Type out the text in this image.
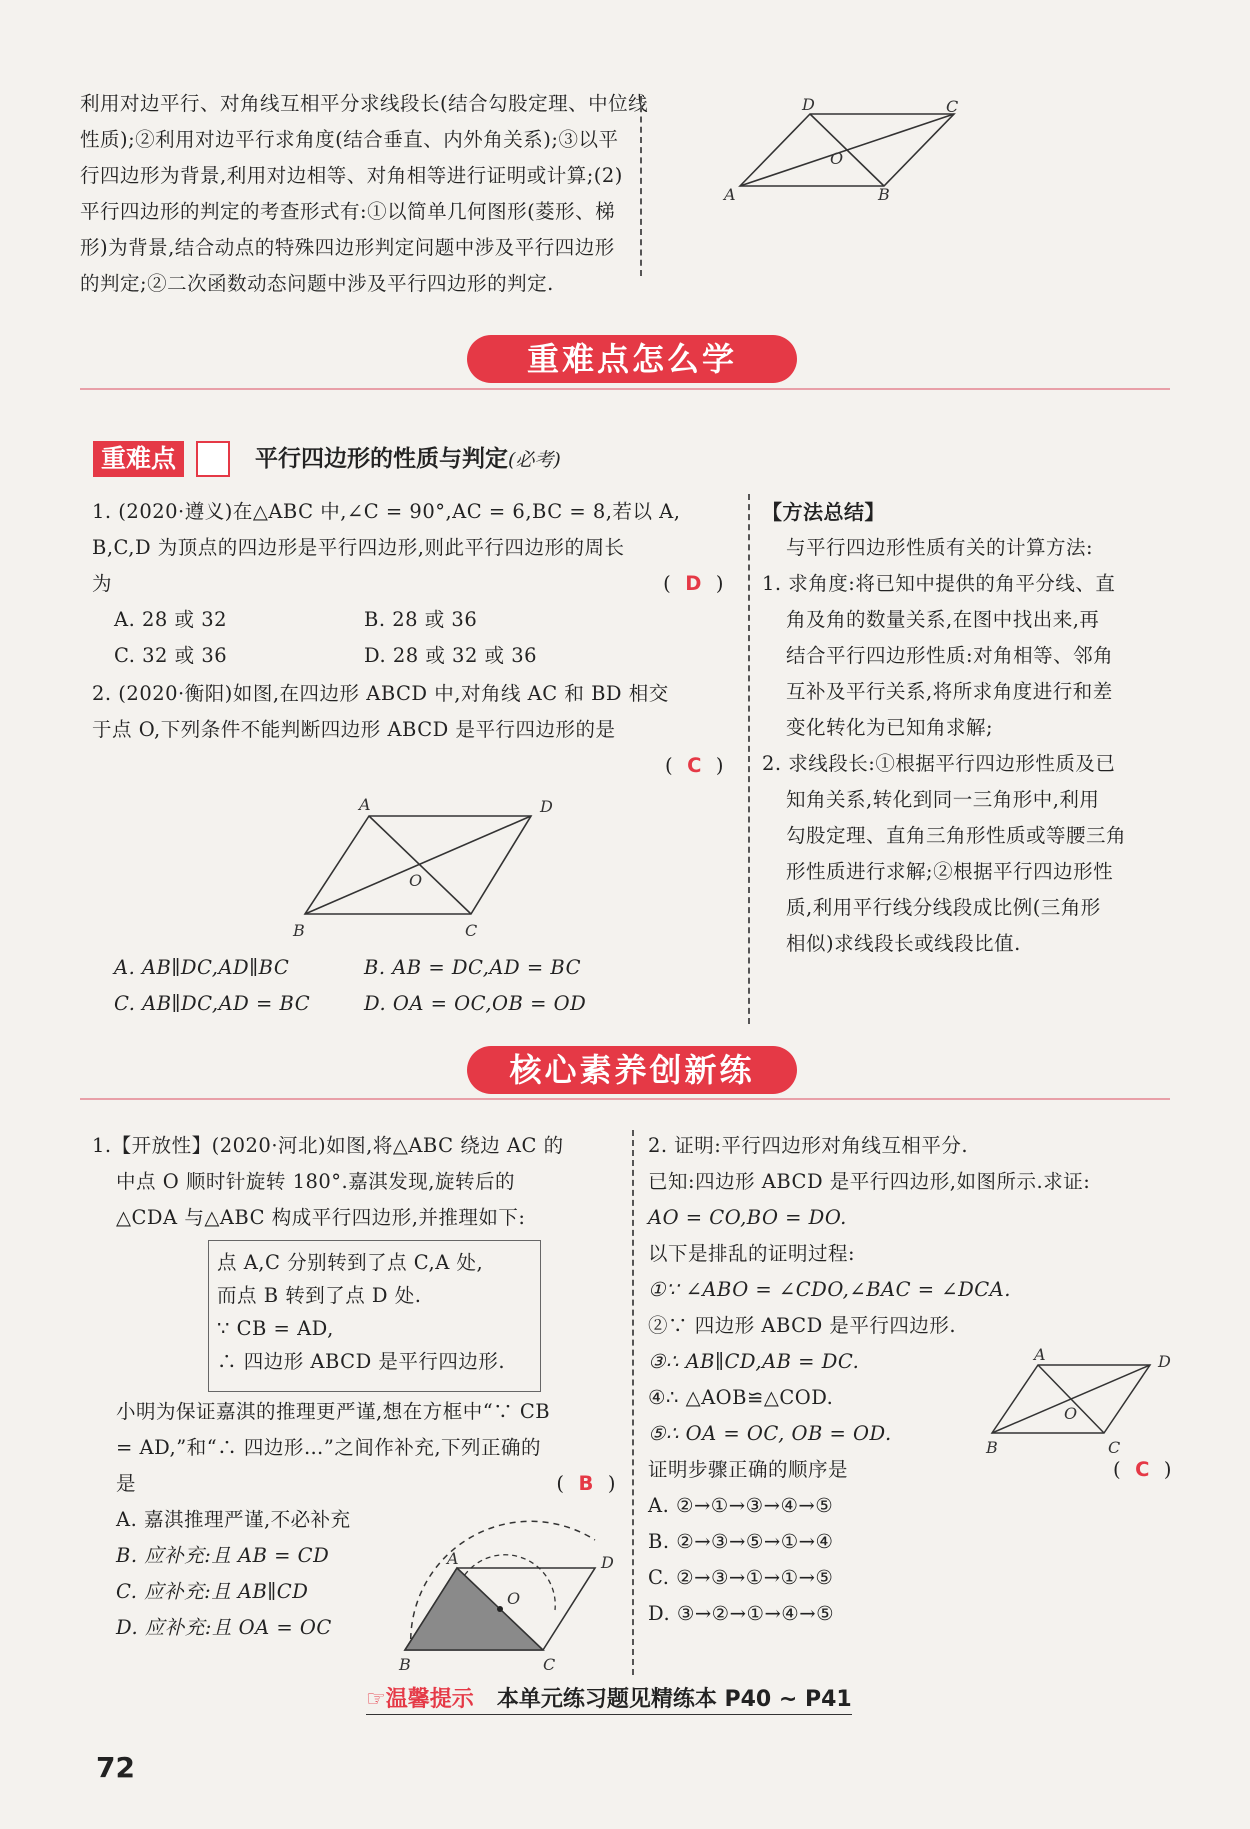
利用对边平行、对角线互相平分求线段长(结合勾股定理、中位线
性质);②利用对边平行求角度(结合垂直、内外角关系);③以平
行四边形为背景,利用对边相等、对角相等进行证明或计算;(2)
平行四边形的判定的考查形式有:①以简单几何图形(菱形、梯
形)为背景,结合动点的特殊四边形判定问题中涉及平行四边形
的判定;②二次函数动态问题中涉及平行四边形的判定.
D	C
O
A	B
重难点怎么学
重难点	平行四边形的性质与判定(必考)
1. (2020·遵义)在△ABC 中,∠C = 90°,AC = 6,BC = 8,若以 A,
B,C,D 为顶点的四边形是平行四边形,则此平行四边形的周长
为	( D )
A. 28 或 32	B. 28 或 36
C. 32 或 36	D. 28 或 32 或 36
2. (2020·衡阳)如图,在四边形 ABCD 中,对角线 AC 和 BD 相交
于点 O,下列条件不能判断四边形 ABCD 是平行四边形的是
( C )
A	D
O
B	C
A. AB∥DC,AD∥BC	B. AB = DC,AD = BC
C. AB∥DC,AD = BC	D. OA = OC,OB = OD
【方法总结】
与平行四边形性质有关的计算方法:
1. 求角度:将已知中提供的角平分线、直
角及角的数量关系,在图中找出来,再
结合平行四边形性质:对角相等、邻角
互补及平行关系,将所求角度进行和差
变化转化为已知角求解;
2. 求线段长:①根据平行四边形性质及已
知角关系,转化到同一三角形中,利用
勾股定理、直角三角形性质或等腰三角
形性质进行求解;②根据平行四边形性
质,利用平行线分线段成比例(三角形
相似)求线段长或线段比值.
核心素养创新练
1.【开放性】(2020·河北)如图,将△ABC 绕边 AC 的
中点 O 顺时针旋转 180°.嘉淇发现,旋转后的
△CDA 与△ABC 构成平行四边形,并推理如下:
点 A,C 分别转到了点 C,A 处,
而点 B 转到了点 D 处.
∵ CB = AD,
∴ 四边形 ABCD 是平行四边形.
小明为保证嘉淇的推理更严谨,想在方框中“∵ CB
= AD,”和“∴ 四边形…”之间作补充,下列正确的
是	( B )
A. 嘉淇推理严谨,不必补充
B. 应补充:且 AB = CD
C. 应补充:且 AB∥CD
D. 应补充:且 OA = OC
A	D
O
B	C
2. 证明:平行四边形对角线互相平分.
已知:四边形 ABCD 是平行四边形,如图所示.求证:
AO = CO,BO = DO.
以下是排乱的证明过程:
①∵ ∠ABO = ∠CDO,∠BAC = ∠DCA.
②∵ 四边形 ABCD 是平行四边形.
③∴ AB∥CD,AB = DC.
④∴ △AOB≌△COD.
⑤∴ OA = OC, OB = OD.
证明步骤正确的顺序是	( C )
A. ②→①→③→④→⑤
B. ②→③→⑤→①→④
C. ②→③→①→①→⑤
D. ③→②→①→④→⑤
A	D
O
B	C
☞温馨提示 本单元练习题见精练本 P40 ~ P41
72
